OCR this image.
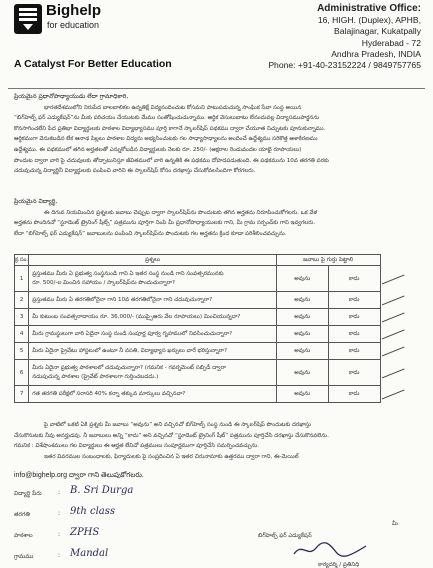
Bighelp
for education
A Catalyst For Better Education
Administrative Office:
16, HIGH. (Duplex), APHB,
Balajinagar, Kukatpally
Hyderabad - 72
Andhra Pradesh, INDIA
Phone: +91-40-23152224 / 9849757765
ప్రియమైన ప్రధానోపాధ్యాయుడు లేదా గ్రామాధికారి,
భారతదేశములోని నిరుపేద బాలబాలికల ఉన్నతిక్షే విద్యనందించుట కోసమని పాటుపడుచున్న సాంఘిక సేవా సంస్థ అయిన
“బిగ్‌హెల్ప్ ఫర్ ఎడ్యుకేషన్”ను మీకు పరిచయం చేయుటకు మేము సంతోషించుచున్నాము. ఆర్థిక వెసులుబాటు లేనందువల్ల విద్యాసముపార్జనను
కొనసాగించలేని పేద ప్రతిభా విద్యార్థులకు పాఠశాల విద్యాభ్యాసము పూర్తి కాగానే స్కాలర్‌షిప్ పథకము ద్వారా చేయూత నిచ్చుటకు పూనుకున్నాము.
ఆర్థికముగా వెనుకబడిన లేక ఆనాథ పిల్లలు పాఠశాల విద్యను అభ్యసించుటకు గల సాధ్యాసాధ్యాలను అందించే ఉద్దేశ్యము సరికొత్త ఆశాకిరణము
ఉద్దేశ్యము. ఈ పథకములో తగిన అర్హతలతో ఎన్నుకోబడిన విద్యార్థులకు నెలకు రూ. 250/- (ఆక్షరాల రెండువందల యాభై రూపాయలు)
పొందుట ద్వారా వారి పై చదువులకు తోడ్పాటునిస్తూ జీవితములో వారి ఉన్నతికి ఈ పథకము దోహదపడుతుంది. ఈ పథకమును 10వ తరగతి వరకు
చదువుచున్న విద్యార్థినీ విద్యార్థులకు పంపించి వారిని ఈ స్కాలర్‌షిప్ కోసం దరఖాస్తు చేసుకోవలసిందిగా కోరగలరు.
ప్రియమైన విద్యార్థి,
ఈ దిగువ నియమించిన ప్రశ్నలకు జవాబు చెప్పుట ద్వారా స్కాలర్‌షిప్‌ను పొందుటకు తగిన అర్హతను నిరూపించుకోగలరు. ఒక వేళ
అర్హతను పొందినచో “స్టూడెంట్ ట్రైనింగ్ షీట్స్” పత్రమును పూర్తిగా నింపి మీ ప్రధానోపాధ్యాయులకు గాని, మీ గ్రామ సర్పంచ్‌కు గాని ఇవ్వగలరు.
లేదా “బిగ్‌హెల్ప్ ఫర్ ఎడ్యుకేషన్” జవాబులను పంపించి స్కాలర్‌షిప్‌ను పొందుటకు గల అర్హతను క్రింద కూడా పరిశీలించవచ్చును.
క్ర.సం.	ప్రశ్నలు	జవాబు పై గుర్తు పెట్టాలి		
1	ప్రస్తుతము మీరు ఏ ప్రభుత్వ సంస్థనుండి గాని ఏ ఇతర సంస్థ నుండి గాని సంవత్సరమునకు
రూ. 500/-ల మించిన సహాయం / స్కాలర్‌షిప్‌ను పొందుచున్నారా?	అవును	కాదు	
2	ప్రస్తుతము మీరు ఏ తరగతిలోనైనా గాని 10వ తరగతిలోనైనా గాని చదువుచున్నారా?	అవును	కాదు	
3	మీ కుటుంబ సంవత్సరాదాయం రూ. 36,000/- (ముప్పైఆరు వేల రూపాయలు) మించియున్నదా?	అవును	కాదు	
4	మీరు గ్రామస్థులుగా వారి ఏదైనా సంస్థ నుండి సంపూర్ణ పూర్వ గృహములో నివసించుచున్నారా?	అవును	కాదు	
5	మీరు ఏదైనా ప్రైవేటు హాస్టలులో ఉంటూ నీ వసతి, విద్యాభ్యాస ఖర్చులు వారే భరిస్తున్నారా?	అవును	కాదు	
6	మీరు ఏదైనా ప్రభుత్వ పాఠశాలలో చదువుచున్నారా? (గమనిక - గవర్నమెంట్ సబ్సిడీ ద్వారా
నడుపుచున్న పాఠశాల (ప్రైవేట్ పాఠశాలగా గుర్తించబడదు.)	అవును	కాదు	
7	గత తరగతి పరీక్షలో సరాసరి 40% కన్నా తక్కువ మార్కులు వచ్చినవా?	అవును	కాదు	
పై వాటిలో ఒకటి ఏకి ప్రశ్నకు మీ జవాబు “అవును” అని వచ్చినచో బిగ్‌హెల్ప్ సంస్థ నుండి ఈ స్కాలర్‌షిప్ పొందుటకు దరఖాస్తు
చేసుకొనుటకు నీవు అనర్హుడవు. నీ జవాబులు అన్ని “కాదు” అని వచ్చినచో “స్టూడెంట్ ట్రైనింగ్ షీట్” పత్రమును పూర్తిచేసి దరఖాస్తు చేసుకొనవలెను.
గమనిక : విశేషాంశములు గల విద్యార్థులు ఈ ఆర్హత లేనిచో పత్రములు సంపూర్ణముగా పూర్తిచేసి సమర్పించవచ్చును.
ఇతర వివరముల సంబంధాలకు, ఫిర్యాదులకు పై సంప్రదించిన ఏ ఇతర చిరునామాకు ఉత్తరము ద్వారా గాని, ఈ-మెయిల్
info@bighelp.org ద్వారా గాని తెలుపుకోగలరు.
విద్యార్థి పేరు	: B. Sri Durga
తరగతి	: 9th class
పాఠశాల	: ZPHS
గ్రామము	: Mandal
మీ
బిగ్‌హెల్ప్ ఫర్ ఎడ్యుకేషన్
కార్యదర్శి / ప్రతినిధి
